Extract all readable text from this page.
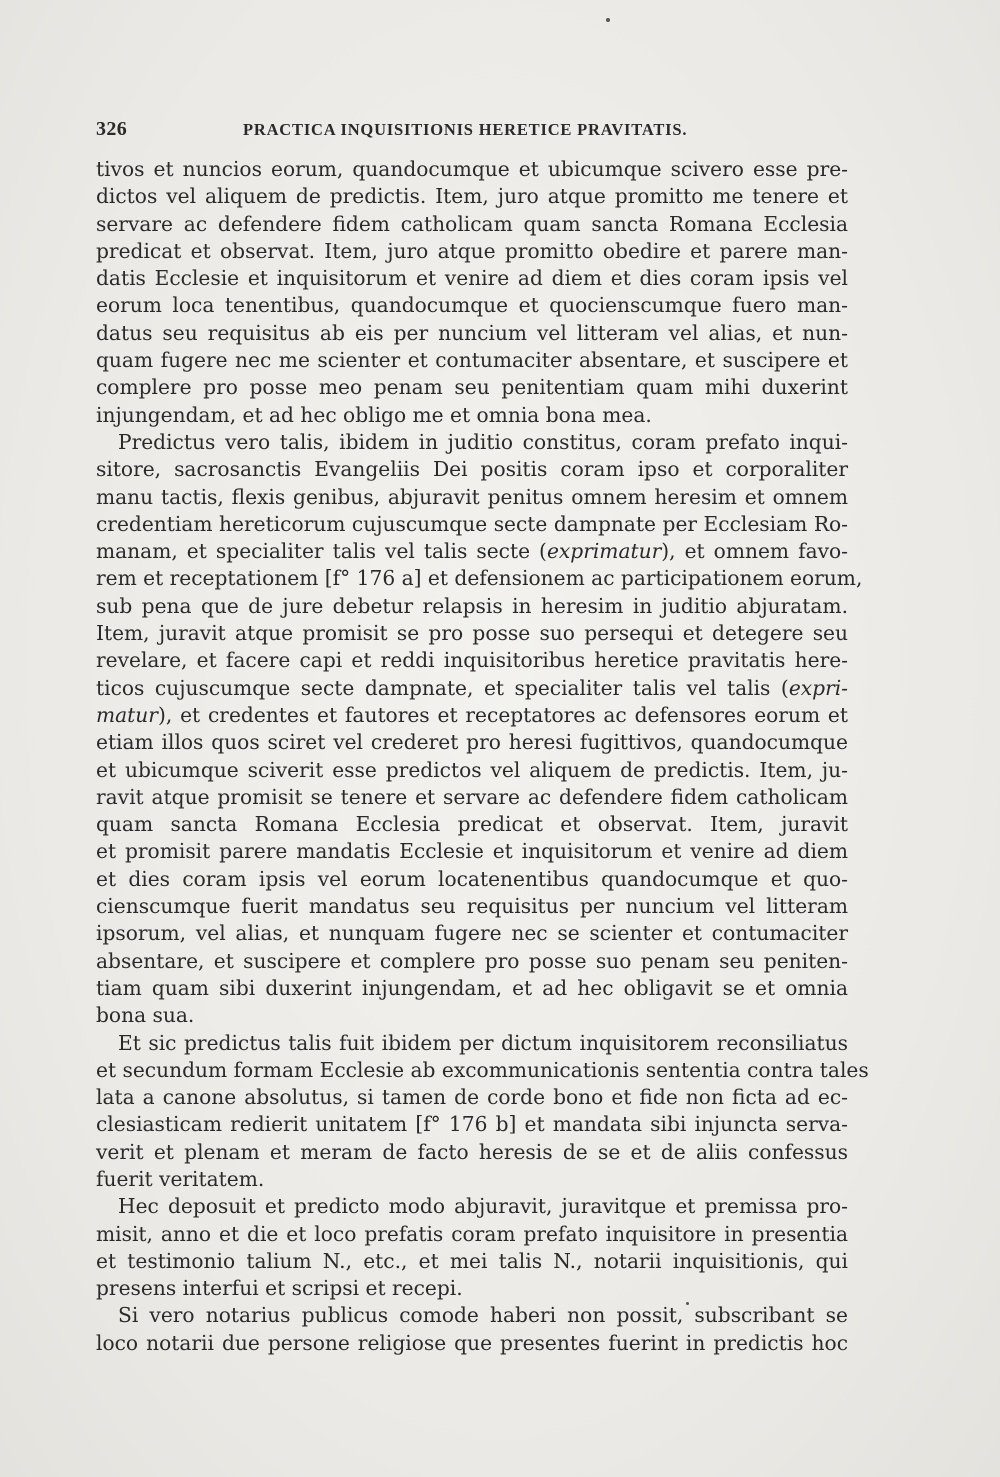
326	PRACTICA INQUISITIONIS HERETICE PRAVITATIS.
tivos et nuncios eorum, quandocumque et ubicumque scivero esse pre-
dictos vel aliquem de predictis. Item, juro atque promitto me tenere et
servare ac defendere fidem catholicam quam sancta Romana Ecclesia
predicat et observat. Item, juro atque promitto obedire et parere man-
datis Ecclesie et inquisitorum et venire ad diem et dies coram ipsis vel
eorum loca tenentibus, quandocumque et quocienscumque fuero man-
datus seu requisitus ab eis per nuncium vel litteram vel alias, et nun-
quam fugere nec me scienter et contumaciter absentare, et suscipere et
complere pro posse meo penam seu penitentiam quam mihi duxerint
injungendam, et ad hec obligo me et omnia bona mea.
Predictus vero talis, ibidem in juditio constitus, coram prefato inqui-
sitore, sacrosanctis Evangeliis Dei positis coram ipso et corporaliter
manu tactis, flexis genibus, abjuravit penitus omnem heresim et omnem
credentiam hereticorum cujuscumque secte dampnate per Ecclesiam Ro-
manam, et specialiter talis vel talis secte (exprimatur), et omnem favo-
rem et receptationem [f° 176 a] et defensionem ac participationem eorum,
sub pena que de jure debetur relapsis in heresim in juditio abjuratam.
Item, juravit atque promisit se pro posse suo persequi et detegere seu
revelare, et facere capi et reddi inquisitoribus heretice pravitatis here-
ticos cujuscumque secte dampnate, et specialiter talis vel talis (expri-
matur), et credentes et fautores et receptatores ac defensores eorum et
etiam illos quos sciret vel crederet pro heresi fugittivos, quandocumque
et ubicumque sciverit esse predictos vel aliquem de predictis. Item, ju-
ravit atque promisit se tenere et servare ac defendere fidem catholicam
quam sancta Romana Ecclesia predicat et observat. Item, juravit
et promisit parere mandatis Ecclesie et inquisitorum et venire ad diem
et dies coram ipsis vel eorum locatenentibus quandocumque et quo-
cienscumque fuerit mandatus seu requisitus per nuncium vel litteram
ipsorum, vel alias, et nunquam fugere nec se scienter et contumaciter
absentare, et suscipere et complere pro posse suo penam seu peniten-
tiam quam sibi duxerint injungendam, et ad hec obligavit se et omnia
bona sua.
Et sic predictus talis fuit ibidem per dictum inquisitorem reconsiliatus
et secundum formam Ecclesie ab excommunicationis sententia contra tales
lata a canone absolutus, si tamen de corde bono et fide non ficta ad ec-
clesiasticam redierit unitatem [f° 176 b] et mandata sibi injuncta serva-
verit et plenam et meram de facto heresis de se et de aliis confessus
fuerit veritatem.
Hec deposuit et predicto modo abjuravit, juravitque et premissa pro-
misit, anno et die et loco prefatis coram prefato inquisitore in presentia
et testimonio talium N., etc., et mei talis N., notarii inquisitionis, qui
presens interfui et scripsi et recepi.
Si vero notarius publicus comode haberi non possit, subscribant se
loco notarii due persone religiose que presentes fuerint in predictis hoc
